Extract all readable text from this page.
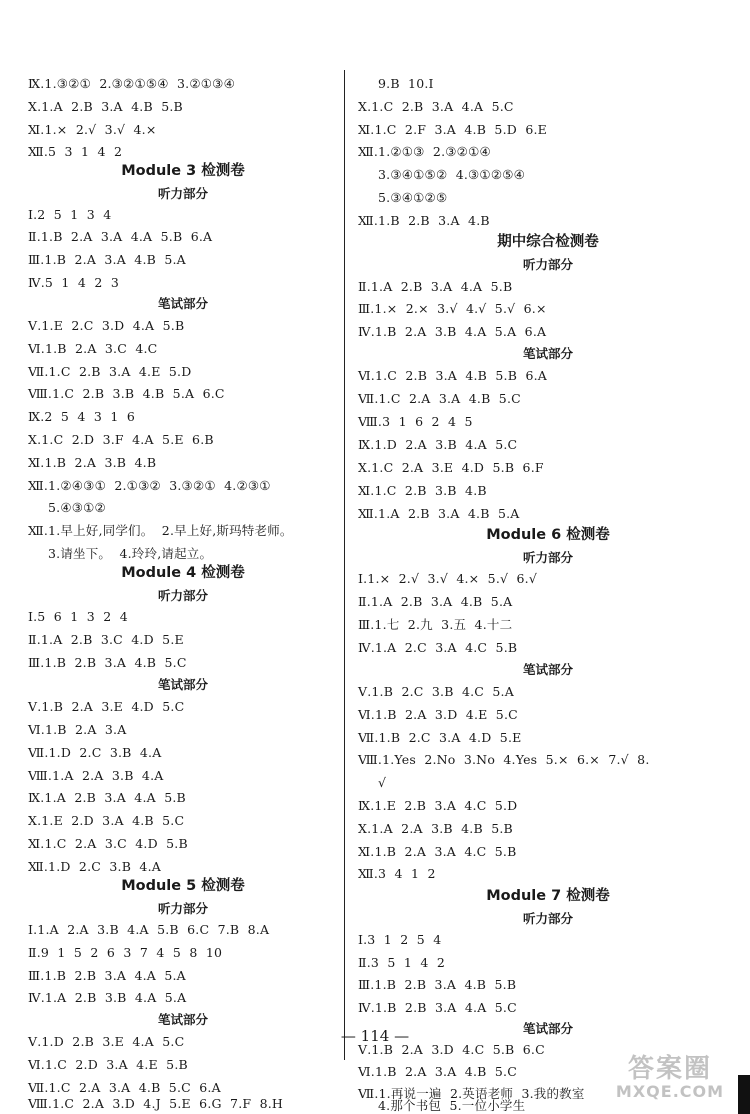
Ⅸ.1.③②①  2.③②①⑤④  3.②①③④
Ⅹ.1.A  2.B  3.A  4.B  5.B
Ⅺ.1.×  2.√  3.√  4.×
Ⅻ.5  3  1  4  2
Module 3 检测卷
听力部分
Ⅰ.2  5  1  3  4
Ⅱ.1.B  2.A  3.A  4.A  5.B  6.A
Ⅲ.1.B  2.A  3.A  4.B  5.A
Ⅳ.5  1  4  2  3
笔试部分
Ⅴ.1.E  2.C  3.D  4.A  5.B
Ⅵ.1.B  2.A  3.C  4.C
Ⅶ.1.C  2.B  3.A  4.E  5.D
Ⅷ.1.C  2.B  3.B  4.B  5.A  6.C
Ⅸ.2  5  4  3  1  6
Ⅹ.1.C  2.D  3.F  4.A  5.E  6.B
Ⅺ.1.B  2.A  3.B  4.B
Ⅻ.1.②④③①  2.①③②  3.③②①  4.②③①
5.④③①②
Ⅻ.1.早上好,同学们。  2.早上好,斯玛特老师。
3.请坐下。  4.玲玲,请起立。
Module 4 检测卷
听力部分
Ⅰ.5  6  1  3  2  4
Ⅱ.1.A  2.B  3.C  4.D  5.E
Ⅲ.1.B  2.B  3.A  4.B  5.C
笔试部分
Ⅴ.1.B  2.A  3.E  4.D  5.C
Ⅵ.1.B  2.A  3.A
Ⅶ.1.D  2.C  3.B  4.A
Ⅷ.1.A  2.A  3.B  4.A
Ⅸ.1.A  2.B  3.A  4.A  5.B
Ⅹ.1.E  2.D  3.A  4.B  5.C
Ⅺ.1.C  2.A  3.C  4.D  5.B
Ⅻ.1.D  2.C  3.B  4.A
Module 5 检测卷
听力部分
Ⅰ.1.A  2.A  3.B  4.A  5.B  6.C  7.B  8.A
Ⅱ.9  1  5  2  6  3  7  4  5  8  10
Ⅲ.1.B  2.B  3.A  4.A  5.A
Ⅳ.1.A  2.B  3.B  4.A  5.A
笔试部分
Ⅴ.1.D  2.B  3.E  4.A  5.C
Ⅵ.1.C  2.D  3.A  4.E  5.B
Ⅶ.1.C  2.A  3.A  4.B  5.C  6.A
Ⅷ.1.C  2.A  3.D  4.J  5.E  6.G  7.F  8.H
9.B  10.I
Ⅹ.1.C  2.B  3.A  4.A  5.C
Ⅺ.1.C  2.F  3.A  4.B  5.D  6.E
Ⅻ.1.②①③  2.③②①④
3.③④①⑤②  4.③①②⑤④
5.③④①②⑤
Ⅻ.1.B  2.B  3.A  4.B
期中综合检测卷
听力部分
Ⅱ.1.A  2.B  3.A  4.A  5.B
Ⅲ.1.×  2.×  3.√  4.√  5.√  6.×
Ⅳ.1.B  2.A  3.B  4.A  5.A  6.A
笔试部分
Ⅵ.1.C  2.B  3.A  4.B  5.B  6.A
Ⅶ.1.C  2.A  3.A  4.B  5.C
Ⅷ.3  1  6  2  4  5
Ⅸ.1.D  2.A  3.B  4.A  5.C
Ⅹ.1.C  2.A  3.E  4.D  5.B  6.F
Ⅺ.1.C  2.B  3.B  4.B
Ⅻ.1.A  2.B  3.A  4.B  5.A
Module 6 检测卷
听力部分
Ⅰ.1.×  2.√  3.√  4.×  5.√  6.√
Ⅱ.1.A  2.B  3.A  4.B  5.A
Ⅲ.1.七  2.九  3.五  4.十二
Ⅳ.1.A  2.C  3.A  4.C  5.B
笔试部分
Ⅴ.1.B  2.C  3.B  4.C  5.A
Ⅵ.1.B  2.A  3.D  4.E  5.C
Ⅶ.1.B  2.C  3.A  4.D  5.E
Ⅷ.1.Yes  2.No  3.No  4.Yes  5.×  6.×  7.√  8.
√
Ⅸ.1.E  2.B  3.A  4.C  5.D
Ⅹ.1.A  2.A  3.B  4.B  5.B
Ⅺ.1.B  2.A  3.A  4.C  5.B
Ⅻ.3  4  1  2
Module 7 检测卷
听力部分
Ⅰ.3  1  2  5  4
Ⅱ.3  5  1  4  2
Ⅲ.1.B  2.B  3.A  4.B  5.B
Ⅳ.1.B  2.B  3.A  4.A  5.C
笔试部分
Ⅴ.1.B  2.A  3.D  4.C  5.B  6.C
Ⅵ.1.B  2.A  3.A  4.B  5.C
Ⅶ.1.再说一遍  2.英语老师  3.我的教室
4.那个书包  5.一位小学生
— 114 —
答案圈
MXQE.COM
